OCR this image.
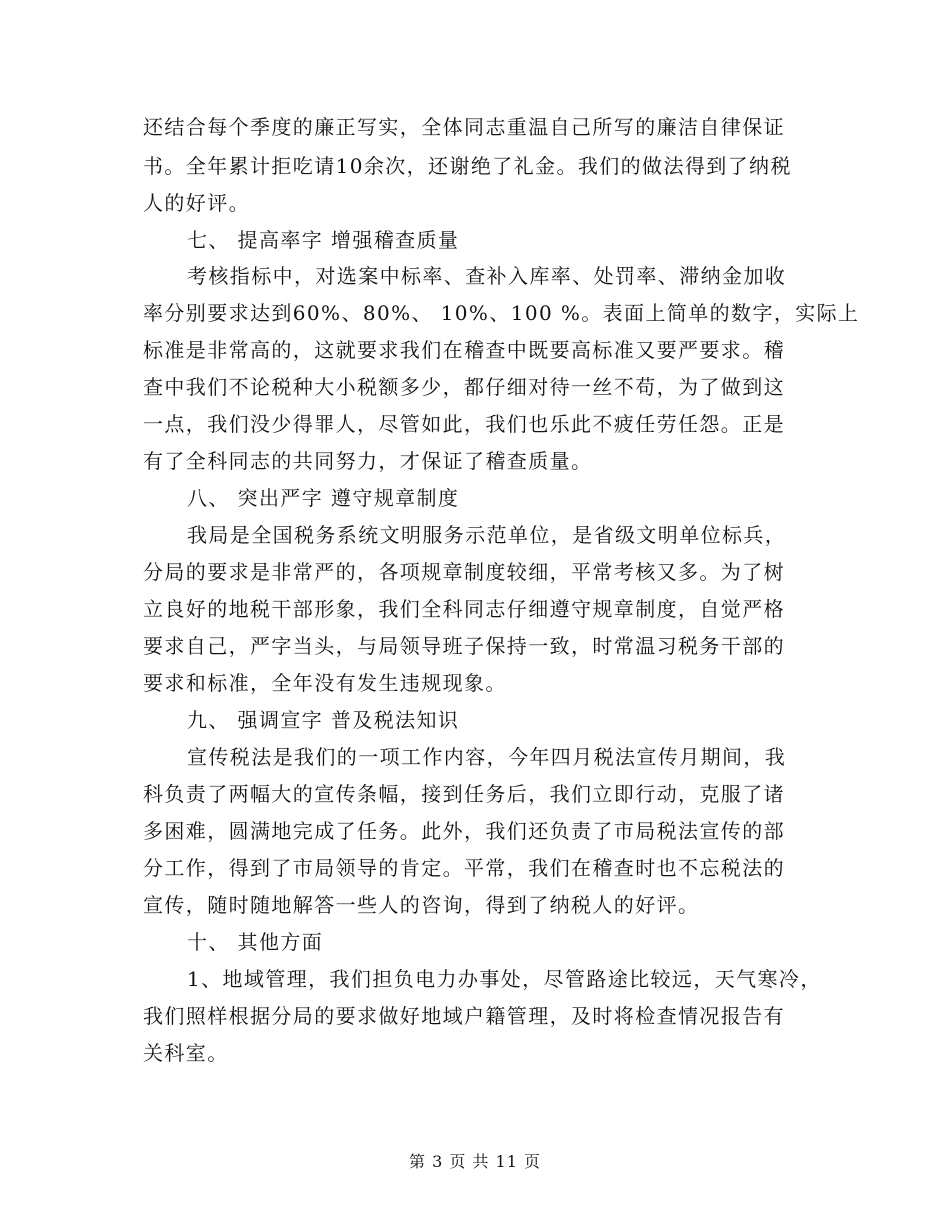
还结合每个季度的廉正写实，全体同志重温自己所写的廉洁自律保证
书。全年累计拒吃请10余次，还谢绝了礼金。我们的做法得到了纳税
人的好评。
七、 提高率字 增强稽查质量
考核指标中，对选案中标率、查补入库率、处罚率、滞纳金加收
率分别要求达到60%、80%、 10%、100 %。表面上简单的数字，实际上
标准是非常高的，这就要求我们在稽查中既要高标准又要严要求。稽
查中我们不论税种大小税额多少，都仔细对待一丝不苟，为了做到这
一点，我们没少得罪人，尽管如此，我们也乐此不疲任劳任怨。正是
有了全科同志的共同努力，才保证了稽查质量。
八、 突出严字 遵守规章制度
我局是全国税务系统文明服务示范单位，是省级文明单位标兵，
分局的要求是非常严的，各项规章制度较细，平常考核又多。为了树
立良好的地税干部形象，我们全科同志仔细遵守规章制度，自觉严格
要求自己，严字当头，与局领导班子保持一致，时常温习税务干部的
要求和标准，全年没有发生违规现象。
九、 强调宣字 普及税法知识
宣传税法是我们的一项工作内容，今年四月税法宣传月期间，我
科负责了两幅大的宣传条幅，接到任务后，我们立即行动，克服了诸
多困难，圆满地完成了任务。此外，我们还负责了市局税法宣传的部
分工作，得到了市局领导的肯定。平常，我们在稽查时也不忘税法的
宣传，随时随地解答一些人的咨询，得到了纳税人的好评。
十、 其他方面
1、地域管理，我们担负电力办事处，尽管路途比较远，天气寒冷，
我们照样根据分局的要求做好地域户籍管理，及时将检查情况报告有
关科室。
第 3 页 共 11 页
